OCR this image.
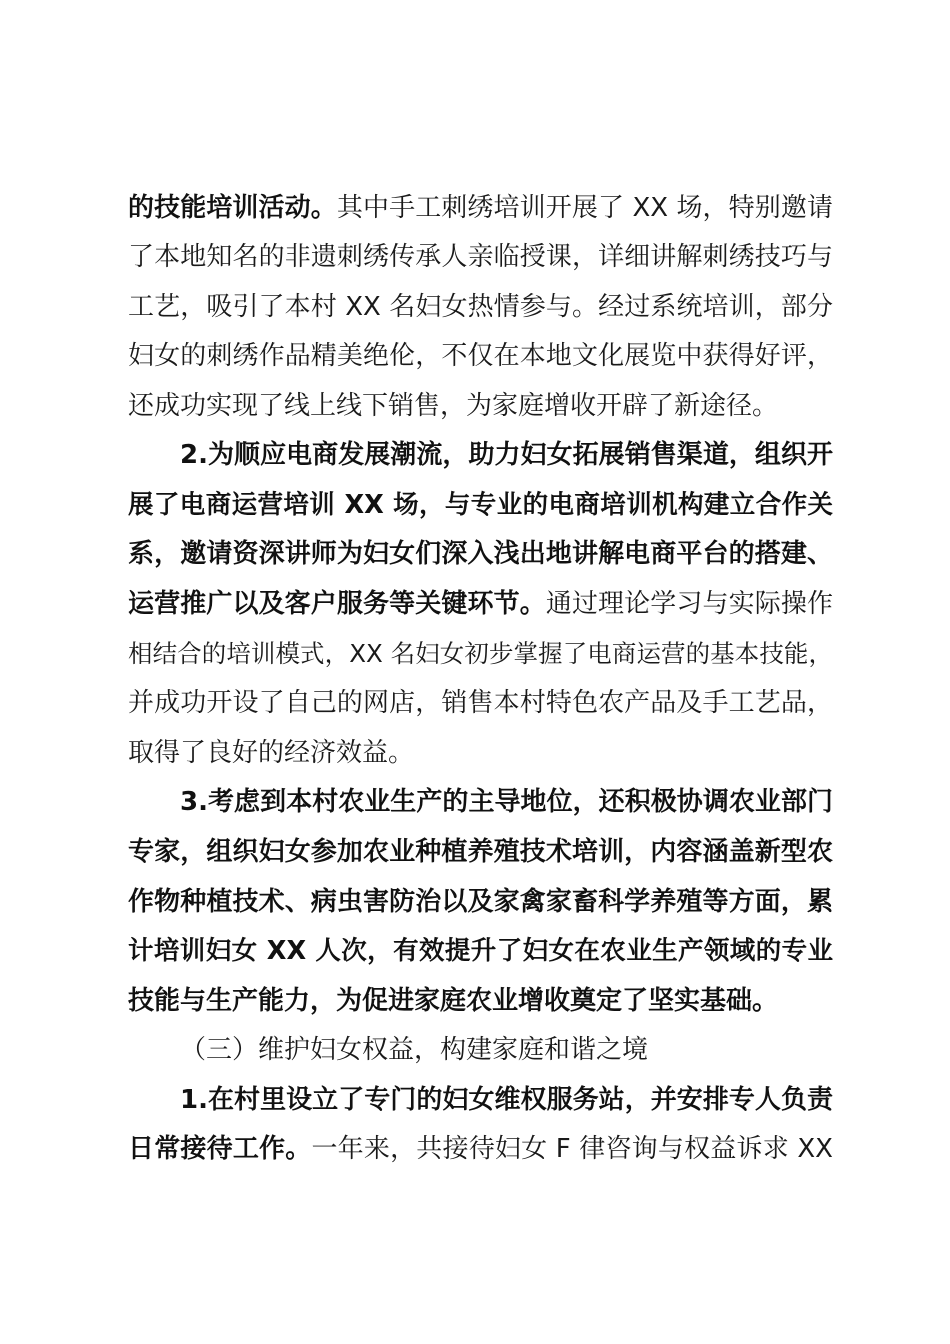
的技能培训活动。其中手工刺绣培训开展了 XX 场，特别邀请
了本地知名的非遗刺绣传承人亲临授课，详细讲解刺绣技巧与
工艺，吸引了本村 XX 名妇女热情参与。经过系统培训，部分
妇女的刺绣作品精美绝伦，不仅在本地文化展览中获得好评，
还成功实现了线上线下销售，为家庭增收开辟了新途径。
2.为顺应电商发展潮流，助力妇女拓展销售渠道，组织开
展了电商运营培训 XX 场，与专业的电商培训机构建立合作关
系，邀请资深讲师为妇女们深入浅出地讲解电商平台的搭建、
运营推广以及客户服务等关键环节。通过理论学习与实际操作
相结合的培训模式，XX 名妇女初步掌握了电商运营的基本技能，
并成功开设了自己的网店，销售本村特色农产品及手工艺品，
取得了良好的经济效益。
3.考虑到本村农业生产的主导地位，还积极协调农业部门
专家，组织妇女参加农业种植养殖技术培训，内容涵盖新型农
作物种植技术、病虫害防治以及家禽家畜科学养殖等方面，累
计培训妇女 XX 人次，有效提升了妇女在农业生产领域的专业
技能与生产能力，为促进家庭农业增收奠定了坚实基础。
（三）维护妇女权益，构建家庭和谐之境
1.在村里设立了专门的妇女维权服务站，并安排专人负责
日常接待工作。一年来，共接待妇女 F 律咨询与权益诉求 XX
